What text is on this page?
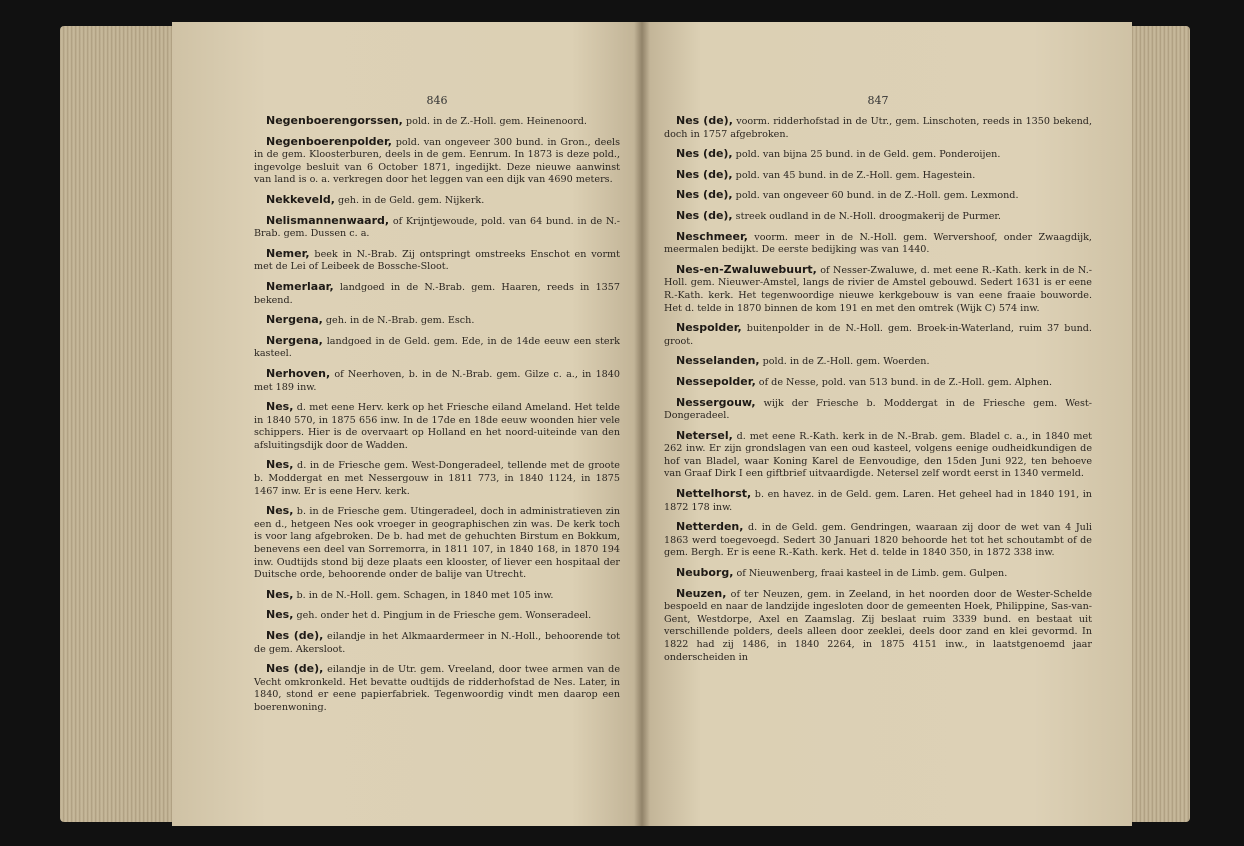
846

Negenboerengorssen, pold. in de Z.-Holl. gem. Heinenoord.

Negenboerenpolder, pold. van ongeveer 300 bund. in Gron., deels in de gem. Kloosterburen, deels in de gem. Eenrum. In 1873 is deze pold., ingevolge besluit van 6 October 1871, ingedijkt. Deze nieuwe aanwinst van land is o. a. verkregen door het leggen van een dijk van 4690 meters.

Nekkeveld, geh. in de Geld. gem. Nijkerk.

Nelismannenwaard, of Krijntjewoude, pold. van 64 bund. in de N.-Brab. gem. Dussen c. a.

Nemer, beek in N.-Brab. Zij ontspringt omstreeks Enschot en vormt met de Lei of Leibeek de Bossche-Sloot.

Nemerlaar, landgoed in de N.-Brab. gem. Haaren, reeds in 1357 bekend.

Nergena, geh. in de N.-Brab. gem. Esch.

Nergena, landgoed in de Geld. gem. Ede, in de 14de eeuw een sterk kasteel.

Nerhoven, of Neerhoven, b. in de N.-Brab. gem. Gilze c. a., in 1840 met 189 inw.

Nes, d. met eene Herv. kerk op het Friesche eiland Ameland. Het telde in 1840 570, in 1875 656 inw. In de 17de en 18de eeuw woonden hier vele schippers. Hier is de overvaart op Holland en het noord-uiteinde van den afsluitingsdijk door de Wadden.

Nes, d. in de Friesche gem. West-Dongeradeel, tellende met de groote b. Moddergat en met Nessergouw in 1811 773, in 1840 1124, in 1875 1467 inw. Er is eene Herv. kerk.

Nes, b. in de Friesche gem. Utingeradeel, doch in administratieven zin een d., hetgeen Nes ook vroeger in geographischen zin was. De kerk toch is voor lang afgebroken. De b. had met de gehuchten Birstum en Bokkum, benevens een deel van Sorremorra, in 1811 107, in 1840 168, in 1870 194 inw. Oudtijds stond bij deze plaats een klooster, of liever een hospitaal der Duitsche orde, behoorende onder de balije van Utrecht.

Nes, b. in de N.-Holl. gem. Schagen, in 1840 met 105 inw.

Nes, geh. onder het d. Pingjum in de Friesche gem. Wonseradeel.

Nes (de), eilandje in het Alkmaardermeer in N.-Holl., behoorende tot de gem. Akersloot.

Nes (de), eilandje in de Utr. gem. Vreeland, door twee armen van de Vecht omkronkeld. Het bevatte oudtijds de ridderhofstad de Nes. Later, in 1840, stond er eene papierfabriek. Tegenwoordig vindt men daarop een boerenwoning.

847

Nes (de), voorm. ridderhofstad in de Utr., gem. Linschoten, reeds in 1350 bekend, doch in 1757 afgebroken.

Nes (de), pold. van bijna 25 bund. in de Geld. gem. Ponderoijen.

Nes (de), pold. van 45 bund. in de Z.-Holl. gem. Hagestein.

Nes (de), pold. van ongeveer 60 bund. in de Z.-Holl. gem. Lexmond.

Nes (de), streek oudland in de N.-Holl. droogmakerij de Purmer.

Neschmeer, voorm. meer in de N.-Holl. gem. Wervershoof, onder Zwaagdijk, meermalen bedijkt. De eerste bedijking was van 1440.

Nes-en-Zwaluwebuurt, of Nesser-Zwaluwe, d. met eene R.-Kath. kerk in de N.-Holl. gem. Nieuwer-Amstel, langs de rivier de Amstel gebouwd. Sedert 1631 is er eene R.-Kath. kerk. Het tegenwoordige nieuwe kerkgebouw is van eene fraaie bouworde. Het d. telde in 1870 binnen de kom 191 en met den omtrek (Wijk C) 574 inw.

Nespolder, buitenpolder in de N.-Holl. gem. Broek-in-Waterland, ruim 37 bund. groot.

Nesselanden, pold. in de Z.-Holl. gem. Woerden.

Nessepolder, of de Nesse, pold. van 513 bund. in de Z.-Holl. gem. Alphen.

Nessergouw, wijk der Friesche b. Moddergat in de Friesche gem. West-Dongeradeel.

Netersel, d. met eene R.-Kath. kerk in de N.-Brab. gem. Bladel c. a., in 1840 met 262 inw. Er zijn grondslagen van een oud kasteel, volgens eenige oudheidkundigen de hof van Bladel, waar Koning Karel de Eenvoudige, den 15den Juni 922, ten behoeve van Graaf Dirk I een giftbrief uitvaardigde. Netersel zelf wordt eerst in 1340 vermeld.

Nettelhorst, b. en havez. in de Geld. gem. Laren. Het geheel had in 1840 191, in 1872 178 inw.

Netterden, d. in de Geld. gem. Gendringen, waaraan zij door de wet van 4 Juli 1863 werd toegevoegd. Sedert 30 Januari 1820 behoorde het tot het schoutambt of de gem. Bergh. Er is eene R.-Kath. kerk. Het d. telde in 1840 350, in 1872 338 inw.

Neuborg, of Nieuwenberg, fraai kasteel in de Limb. gem. Gulpen.

Neuzen, of ter Neuzen, gem. in Zeeland, in het noorden door de Wester-Schelde bespoeld en naar de landzijde ingesloten door de gemeenten Hoek, Philippine, Sas-van-Gent, Westdorpe, Axel en Zaamslag. Zij beslaat ruim 3339 bund. en bestaat uit verschillende polders, deels alleen door zeeklei, deels door zand en klei gevormd. In 1822 had zij 1486, in 1840 2264, in 1875 4151 inw., in laatstgenoemd jaar onderscheiden in
